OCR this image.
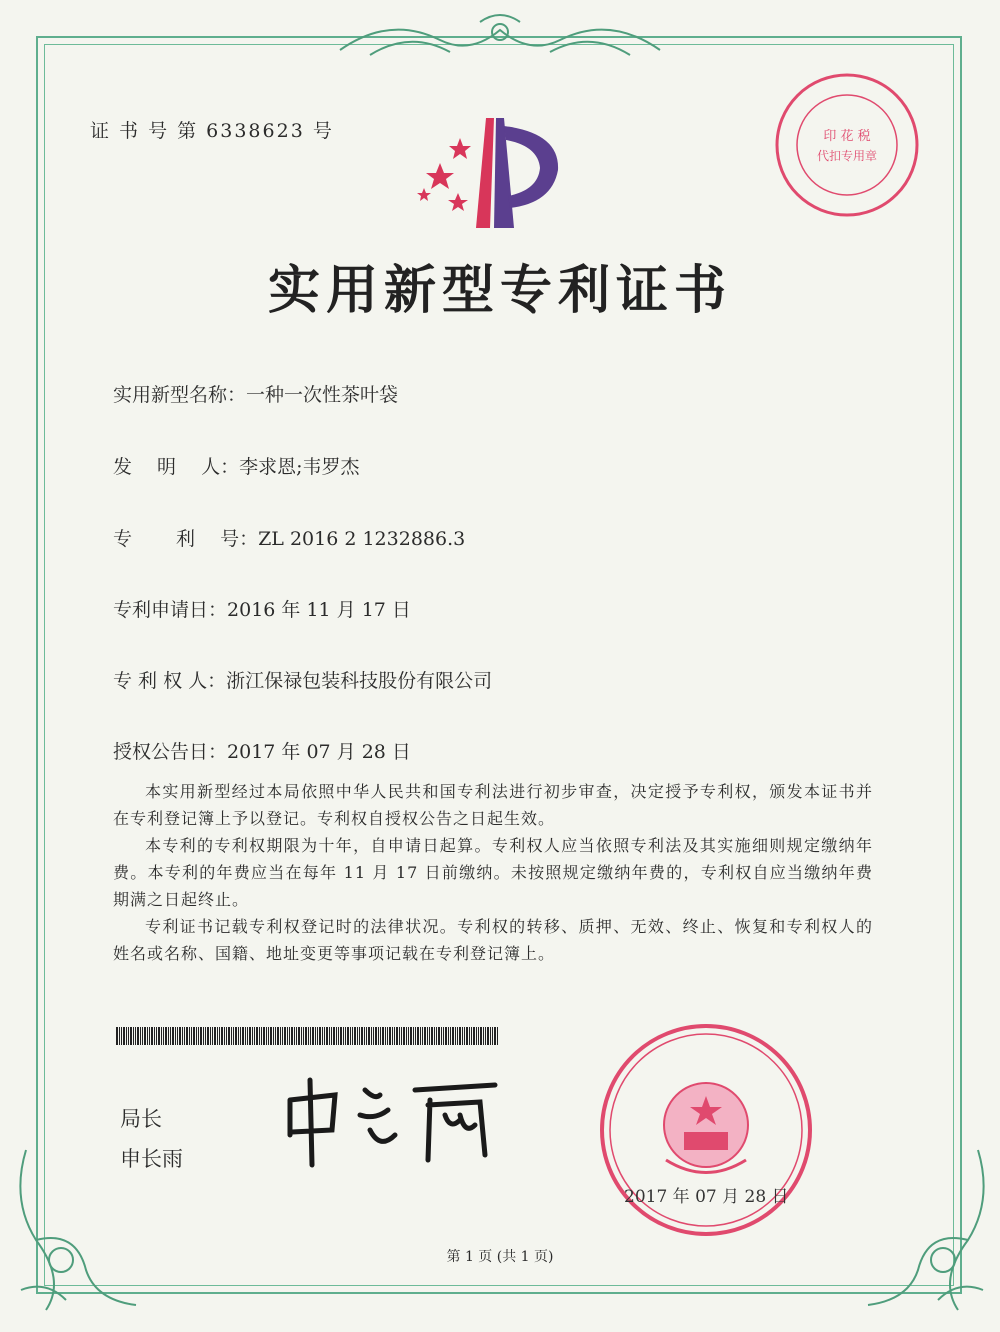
证 书 号 第 6338623 号	印 花 税
代扣专用章
实用新型专利证书
实用新型名称：一种一次性茶叶袋
发　 明　 人：李求恩;韦罗杰
专　　 利　 号：ZL 2016 2 1232886.3
专利申请日：2016 年 11 月 17 日
专 利 权 人：浙江保禄包装科技股份有限公司
授权公告日：2017 年 07 月 28 日

本实用新型经过本局依照中华人民共和国专利法进行初步审查，决定授予专利权，颁发本证书并在专利登记簿上予以登记。专利权自授权公告之日起生效。

本专利的专利权期限为十年，自申请日起算。专利权人应当依照专利法及其实施细则规定缴纳年费。本专利的年费应当在每年 11 月 17 日前缴纳。未按照规定缴纳年费的，专利权自应当缴纳年费期满之日起终止。

专利证书记载专利权登记时的法律状况。专利权的转移、质押、无效、终止、恢复和专利权人的姓名或名称、国籍、地址变更等事项记载在专利登记簿上。

局长
申长雨
2017 年 07 月 28 日
第 1 页 (共 1 页)
